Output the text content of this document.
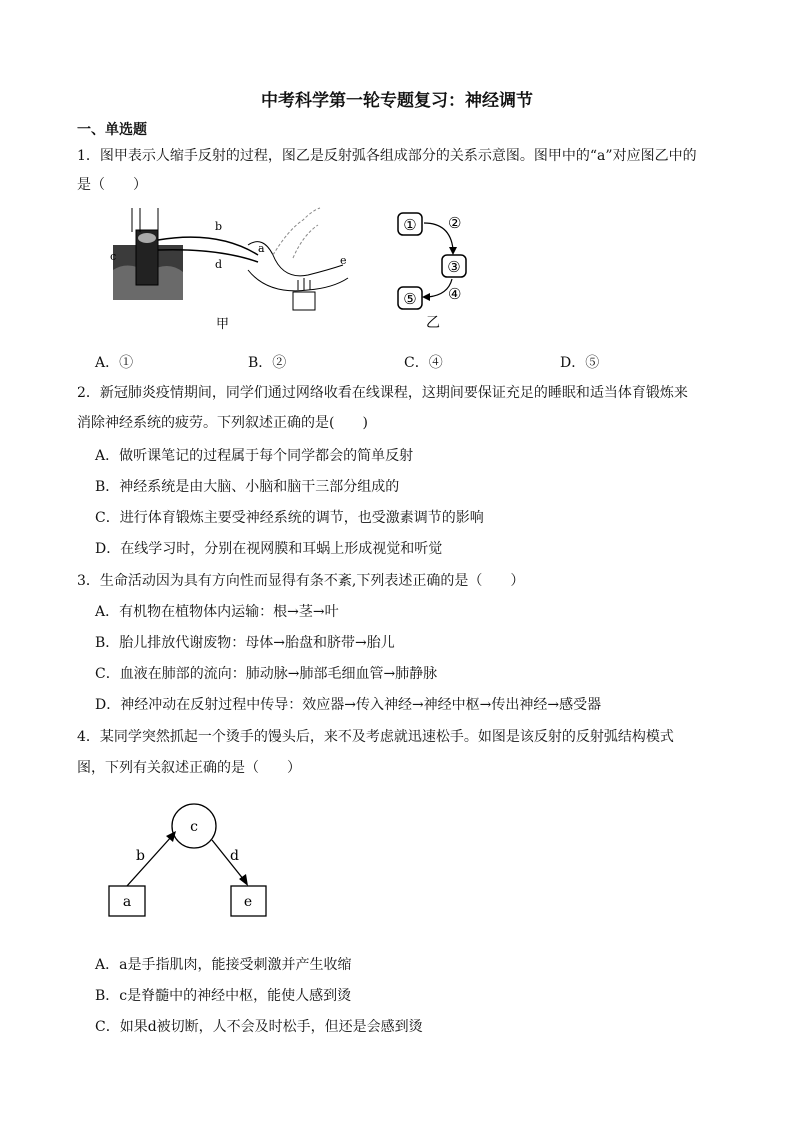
中考科学第一轮专题复习：神经调节
一、单选题
1．图甲表示人缩手反射的过程，图乙是反射弧各组成部分的关系示意图。图甲中的“a”对应图乙中的
是（　　）
a
b
c
d	e
甲
① ②
③
④
⑤
乙
A．①	B．②	C．④	D．⑤
2．新冠肺炎疫情期间，同学们通过网络收看在线课程，这期间要保证充足的睡眠和适当体育锻炼来
消除神经系统的疲劳。下列叙述正确的是(　　)
A．做听课笔记的过程属于每个同学都会的简单反射
B．神经系统是由大脑、小脑和脑干三部分组成的
C．进行体育锻炼主要受神经系统的调节，也受激素调节的影响
D．在线学习时，分别在视网膜和耳蜗上形成视觉和听觉
3．生命活动因为具有方向性而显得有条不紊,下列表述正确的是（　　）
A．有机物在植物体内运输：根→茎→叶
B．胎儿排放代谢废物：母体→胎盘和脐带→胎儿
C．血液在肺部的流向：肺动脉→肺部毛细血管→肺静脉
D．神经冲动在反射过程中传导：效应器→传入神经→神经中枢→传出神经→感受器
4．某同学突然抓起一个烫手的馒头后，来不及考虑就迅速松手。如图是该反射的反射弧结构模式
图，下列有关叙述正确的是（　　）
c
a	e
b	d
A．a是手指肌肉，能接受刺激并产生收缩
B．c是脊髓中的神经中枢，能使人感到烫
C．如果d被切断，人不会及时松手，但还是会感到烫
